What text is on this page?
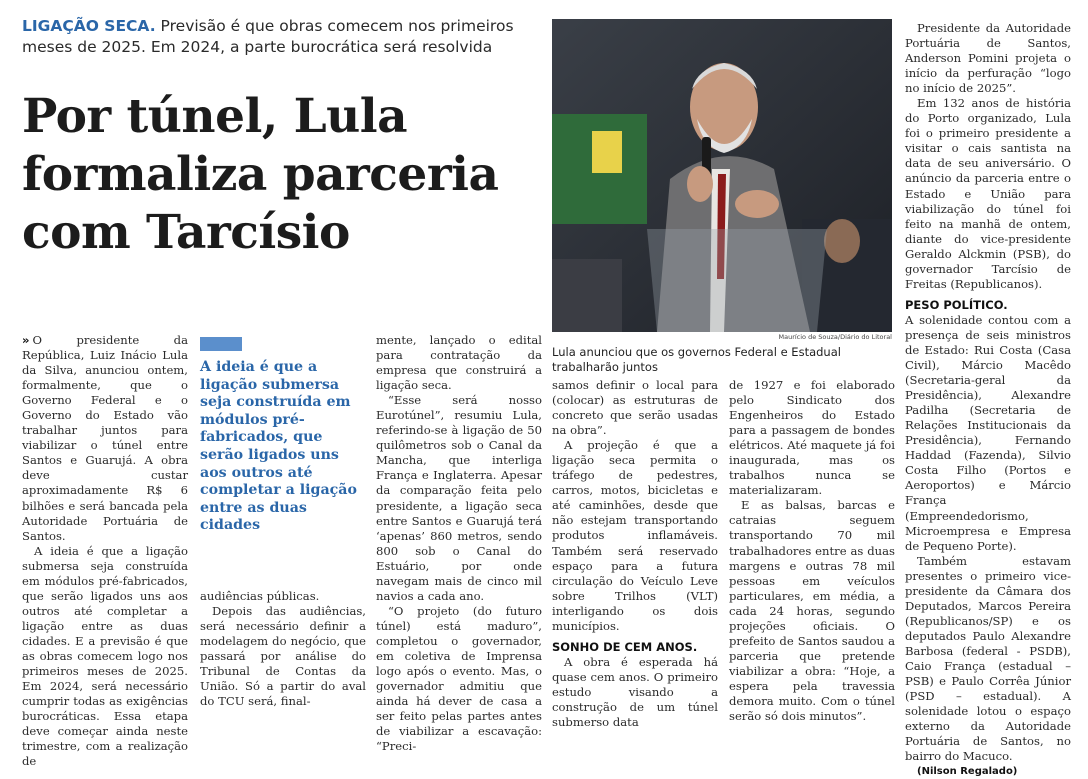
LIGAÇÃO SECA. Previsão é que obras comecem nos primeiros meses de 2025. Em 2024, a parte burocrática será resolvida
Por túnel, Lula formaliza parceria com Tarcísio

» O presidente da República, Luiz Inácio Lula da Silva, anunciou ontem, formalmente, que o Governo Federal e o Governo do Estado vão trabalhar juntos para viabilizar o túnel entre Santos e Guarujá. A obra deve custar aproximadamente R$ 6 bilhões e será bancada pela Autoridade Portuária de Santos.

A ideia é que a ligação submersa seja construída em módulos pré-fabricados, que serão ligados uns aos outros até completar a ligação entre as duas cidades. E a previsão é que as obras comecem logo nos primeiros meses de 2025. Em 2024, será necessário cumprir todas as exigências burocráticas. Essa etapa deve começar ainda neste trimestre, com a realização de

A ideia é que a ligação submersa seja construída em módulos pré-fabricados, que serão ligados uns aos outros até completar a ligação entre as duas cidades

audiências públicas.

Depois das audiências, será necessário definir a modelagem do negócio, que passará por análise do Tribunal de Contas da União. Só a partir do aval do TCU será, final-

mente, lançado o edital para contratação da empresa que construirá a ligação seca.

“Esse será nosso Eurotúnel”, resumiu Lula, referindo-se à ligação de 50 quilômetros sob o Canal da Mancha, que interliga França e Inglaterra. Apesar da comparação feita pelo presidente, a ligação seca entre Santos e Guarujá terá ‘apenas’ 860 metros, sendo 800 sob o Canal do Estuário, por onde navegam mais de cinco mil navios a cada ano.

“O projeto (do futuro túnel) está maduro”, completou o governador, em coletiva de Imprensa logo após o evento. Mas, o governador admitiu que ainda há dever de casa a ser feito pelas partes antes de viabilizar a escavação: “Preci-

Maurício de Souza/Diário do Litoral
Lula anunciou que os governos Federal e Estadual trabalharão juntos

samos definir o local para (colocar) as estruturas de concreto que serão usadas na obra”.

A projeção é que a ligação seca permita o tráfego de pedestres, carros, motos, bicicletas e até caminhões, desde que não estejam transportando produtos inflamáveis. Também será reservado espaço para a futura circulação do Veículo Leve sobre Trilhos (VLT) interligando os dois municípios.

SONHO DE CEM ANOS.

A obra é esperada há quase cem anos. O primeiro estudo visando a construção de um túnel submerso data

de 1927 e foi elaborado pelo Sindicato dos Engenheiros do Estado para a passagem de bondes elétricos. Até maquete já foi inaugurada, mas os trabalhos nunca se materializaram.

E as balsas, barcas e catraias seguem transportando 70 mil trabalhadores entre as duas margens e outras 78 mil pessoas em veículos particulares, em média, a cada 24 horas, segundo projeções oficiais. O prefeito de Santos saudou a parceria que pretende viabilizar a obra: “Hoje, a espera pela travessia demora muito. Com o túnel serão só dois minutos”.

Presidente da Autoridade Portuária de Santos, Anderson Pomini projeta o início da perfuração “logo no início de 2025”.

Em 132 anos de história do Porto organizado, Lula foi o primeiro presidente a visitar o cais santista na data de seu aniversário. O anúncio da parceria entre o Estado e União para viabilização do túnel foi feito na manhã de ontem, diante do vice-presidente Geraldo Alckmin (PSB), do governador Tarcísio de Freitas (Republicanos).

PESO POLÍTICO.

A solenidade contou com a presença de seis ministros de Estado: Rui Costa (Casa Civil), Márcio Macêdo (Secretaria-geral da Presidência), Alexandre Padilha (Secretaria de Relações Institucionais da Presidência), Fernando Haddad (Fazenda), Silvio Costa Filho (Portos e Aeroportos) e Márcio França (Empreendedorismo, Microempresa e Empresa de Pequeno Porte).

Também estavam presentes o primeiro vice-presidente da Câmara dos Deputados, Marcos Pereira (Republicanos/SP) e os deputados Paulo Alexandre Barbosa (federal - PSDB), Caio França (estadual – PSB) e Paulo Corrêa Júnior (PSD – estadual). A solenidade lotou o espaço externo da Autoridade Portuária de Santos, no bairro do Macuco.

(Nilson Regalado)
